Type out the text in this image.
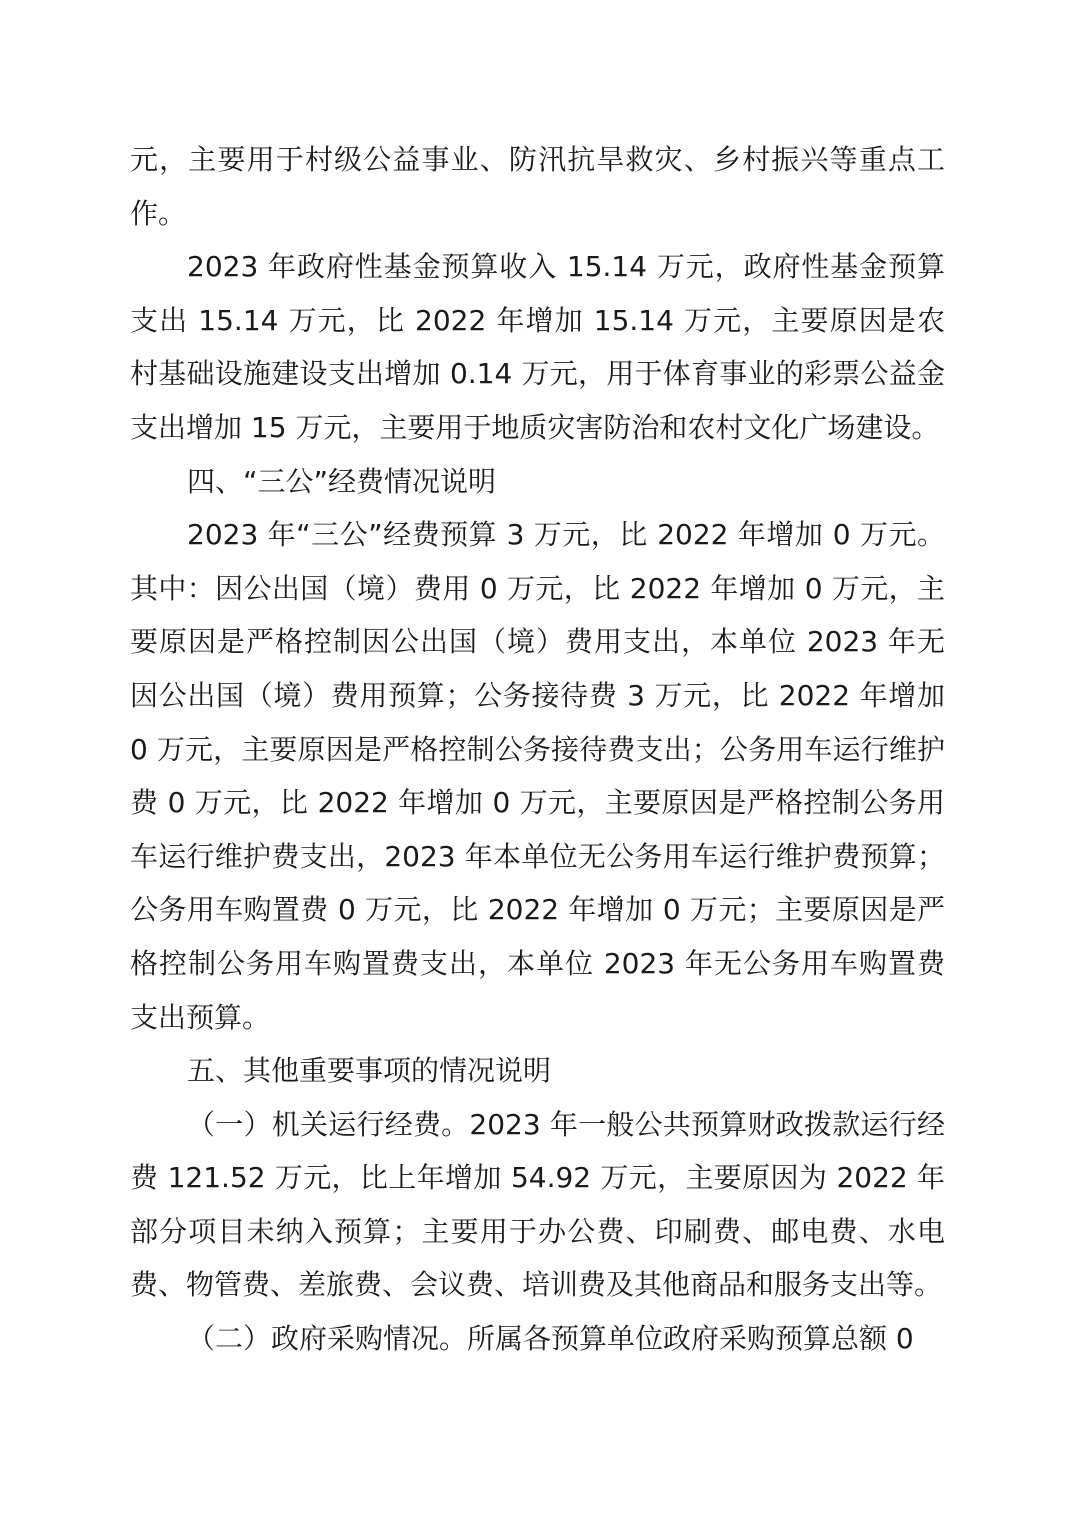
元，主要用于村级公益事业、防汛抗旱救灾、乡村振兴等重点工作。

2023 年政府性基金预算收入 15.14 万元，政府性基金预算支出 15.14 万元，比 2022 年增加 15.14 万元，主要原因是农村基础设施建设支出增加 0.14 万元，用于体育事业的彩票公益金支出增加 15 万元，主要用于地质灾害防治和农村文化广场建设。

四、“三公”经费情况说明

2023 年“三公”经费预算 3 万元，比 2022 年增加 0 万元。其中：因公出国（境）费用 0 万元，比 2022 年增加 0 万元，主要原因是严格控制因公出国（境）费用支出，本单位 2023 年无因公出国（境）费用预算；公务接待费 3 万元，比 2022 年增加 0 万元，主要原因是严格控制公务接待费支出；公务用车运行维护费 0 万元，比 2022 年增加 0 万元，主要原因是严格控制公务用车运行维护费支出，2023 年本单位无公务用车运行维护费预算；公务用车购置费 0 万元，比 2022 年增加 0 万元；主要原因是严格控制公务用车购置费支出，本单位 2023 年无公务用车购置费支出预算。

五、其他重要事项的情况说明

（一）机关运行经费。2023 年一般公共预算财政拨款运行经费 121.52 万元，比上年增加 54.92 万元，主要原因为 2022 年部分项目未纳入预算；主要用于办公费、印刷费、邮电费、水电费、物管费、差旅费、会议费、培训费及其他商品和服务支出等。

（二）政府采购情况。所属各预算单位政府采购预算总额 0
